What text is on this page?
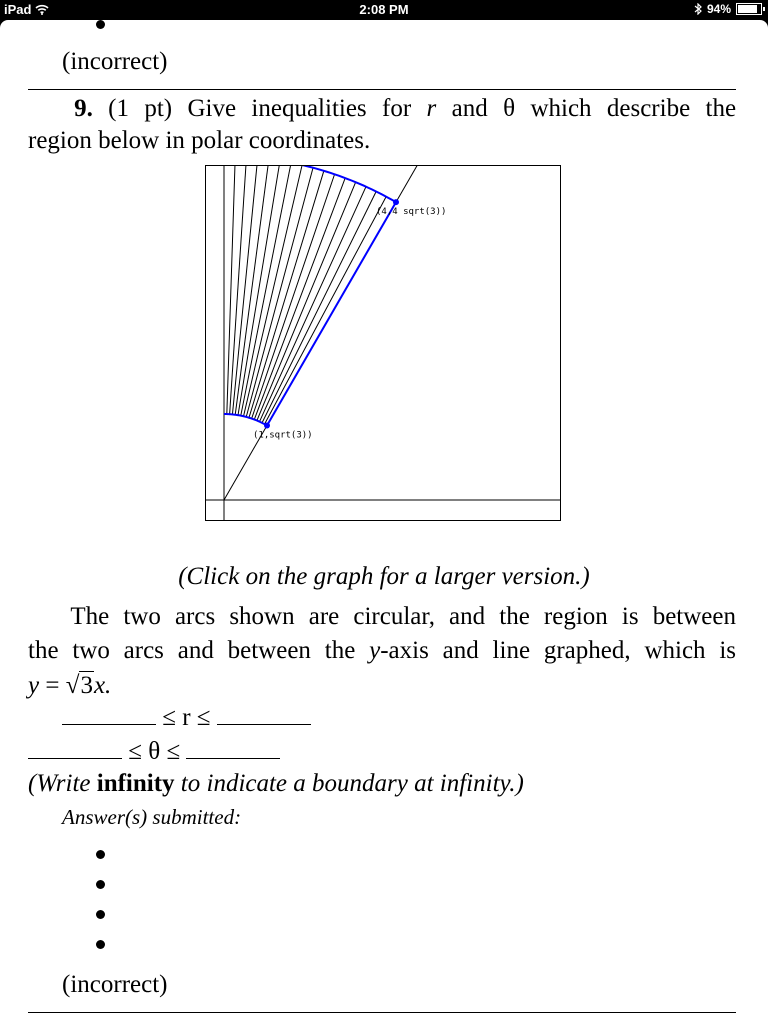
iPad	2:08 PM	94%
(incorrect)
9. (1 pt) Give inequalities for r and θ which describe the
region below in polar coordinates.
(4,4 sqrt(3))
(1,sqrt(3))
(Click on the graph for a larger version.)
The two arcs shown are circular, and the region is between
the two arcs and between the y-axis and line graphed, which is
y = √3x.
≤ r ≤
≤ θ ≤
(Write infinity to indicate a boundary at infinity.)
Answer(s) submitted:
(incorrect)
